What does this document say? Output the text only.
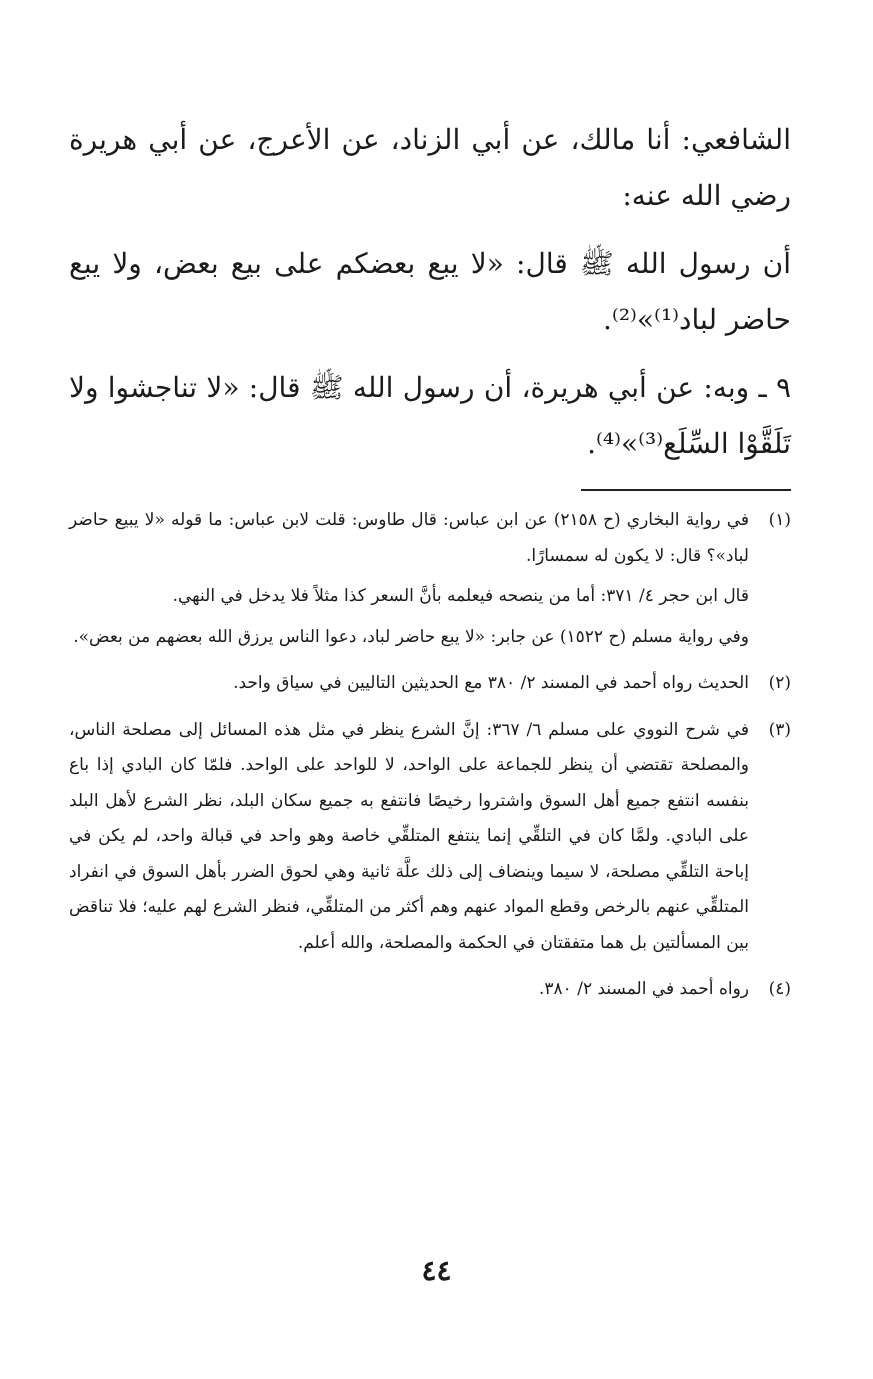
الشافعي: أنا مالك، عن أبي الزناد، عن الأعرج، عن أبي هريرة رضي الله عنه:

أن رسول الله ﷺ قال: «لا يبع بعضكم على بيع بعض، ولا يبع حاضر لباد⁽¹⁾»⁽²⁾.

٩ ـ وبه: عن أبي هريرة، أن رسول الله ﷺ قال: «لا تناجشوا ولا تَلَقَّوْا السِّلَع⁽³⁾»⁽⁴⁾.

(١)

في رواية البخاري (ح ٢١٥٨) عن ابن عباس: قال طاوس: قلت لابن عباس: ما قوله «لا يبيع حاضر لباد»؟ قال: لا يكون له سمسارًا.

قال ابن حجر ٤/ ٣٧١: أما من ينصحه فيعلمه بأنَّ السعر كذا مثلاً فلا يدخل في النهي.

وفي رواية مسلم (ح ١٥٢٢) عن جابر: «لا يبع حاضر لباد، دعوا الناس يرزق الله بعضهم من بعض».

(٢)

الحديث رواه أحمد في المسند ٢/ ٣٨٠ مع الحديثين التاليين في سياق واحد.

(٣)

في شرح النووي على مسلم ٦/ ٣٦٧: إنَّ الشرع ينظر في مثل هذه المسائل إلى مصلحة الناس، والمصلحة تقتضي أن ينظر للجماعة على الواحد، لا للواحد على الواحد. فلمّا كان البادي إذا باع بنفسه انتفع جميع أهل السوق واشتروا رخيصًا فانتفع به جميع سكان البلد، نظر الشرع لأهل البلد على البادي. ولمَّا كان في التلقِّي إنما ينتفع المتلقِّي خاصة وهو واحد في قبالة واحد، لم يكن في إباحة التلقِّي مصلحة، لا سيما وينضاف إلى ذلك علَّة ثانية وهي لحوق الضرر بأهل السوق في انفراد المتلقِّي عنهم بالرخص وقطع المواد عنهم وهم أكثر من المتلقِّي، فنظر الشرع لهم عليه؛ فلا تناقض بين المسألتين بل هما متفقتان في الحكمة والمصلحة، والله أعلم.

(٤)

رواه أحمد في المسند ٢/ ٣٨٠.

٤٤
